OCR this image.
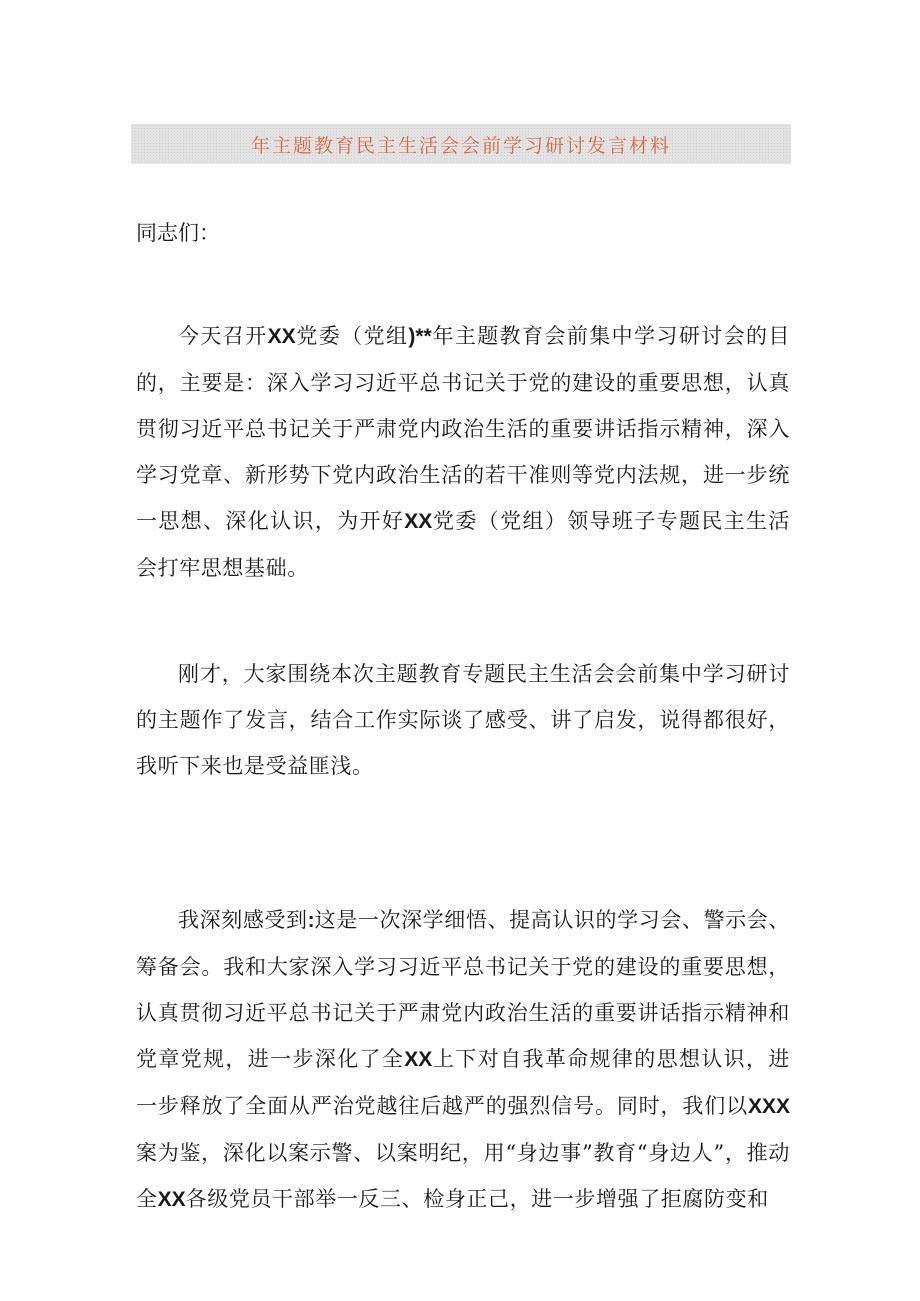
年主题教育民主生活会会前学习研讨发言材料

同志们：

今天召开XX党委（党组)**年主题教育会前集中学习研讨会的目的，主要是：深入学习习近平总书记关于党的建设的重要思想，认真贯彻习近平总书记关于严肃党内政治生活的重要讲话指示精神，深入学习党章、新形势下党内政治生活的若干准则等党内法规，进一步统一思想、深化认识，为开好XX党委（党组）领导班子专题民主生活会打牢思想基础。

刚才，大家围绕本次主题教育专题民主生活会会前集中学习研讨的主题作了发言，结合工作实际谈了感受、讲了启发，说得都很好，我听下来也是受益匪浅。

我深刻感受到:这是一次深学细悟、提高认识的学习会、警示会、筹备会。我和大家深入学习习近平总书记关于党的建设的重要思想，认真贯彻习近平总书记关于严肃党内政治生活的重要讲话指示精神和党章党规，进一步深化了全XX上下对自我革命规律的思想认识，进一步释放了全面从严治党越往后越严的强烈信号。同时，我们以XXX案为鉴，深化以案示警、以案明纪，用“身边事”教育“身边人”，推动全XX各级党员干部举一反三、检身正己，进一步增强了拒腐防变和
